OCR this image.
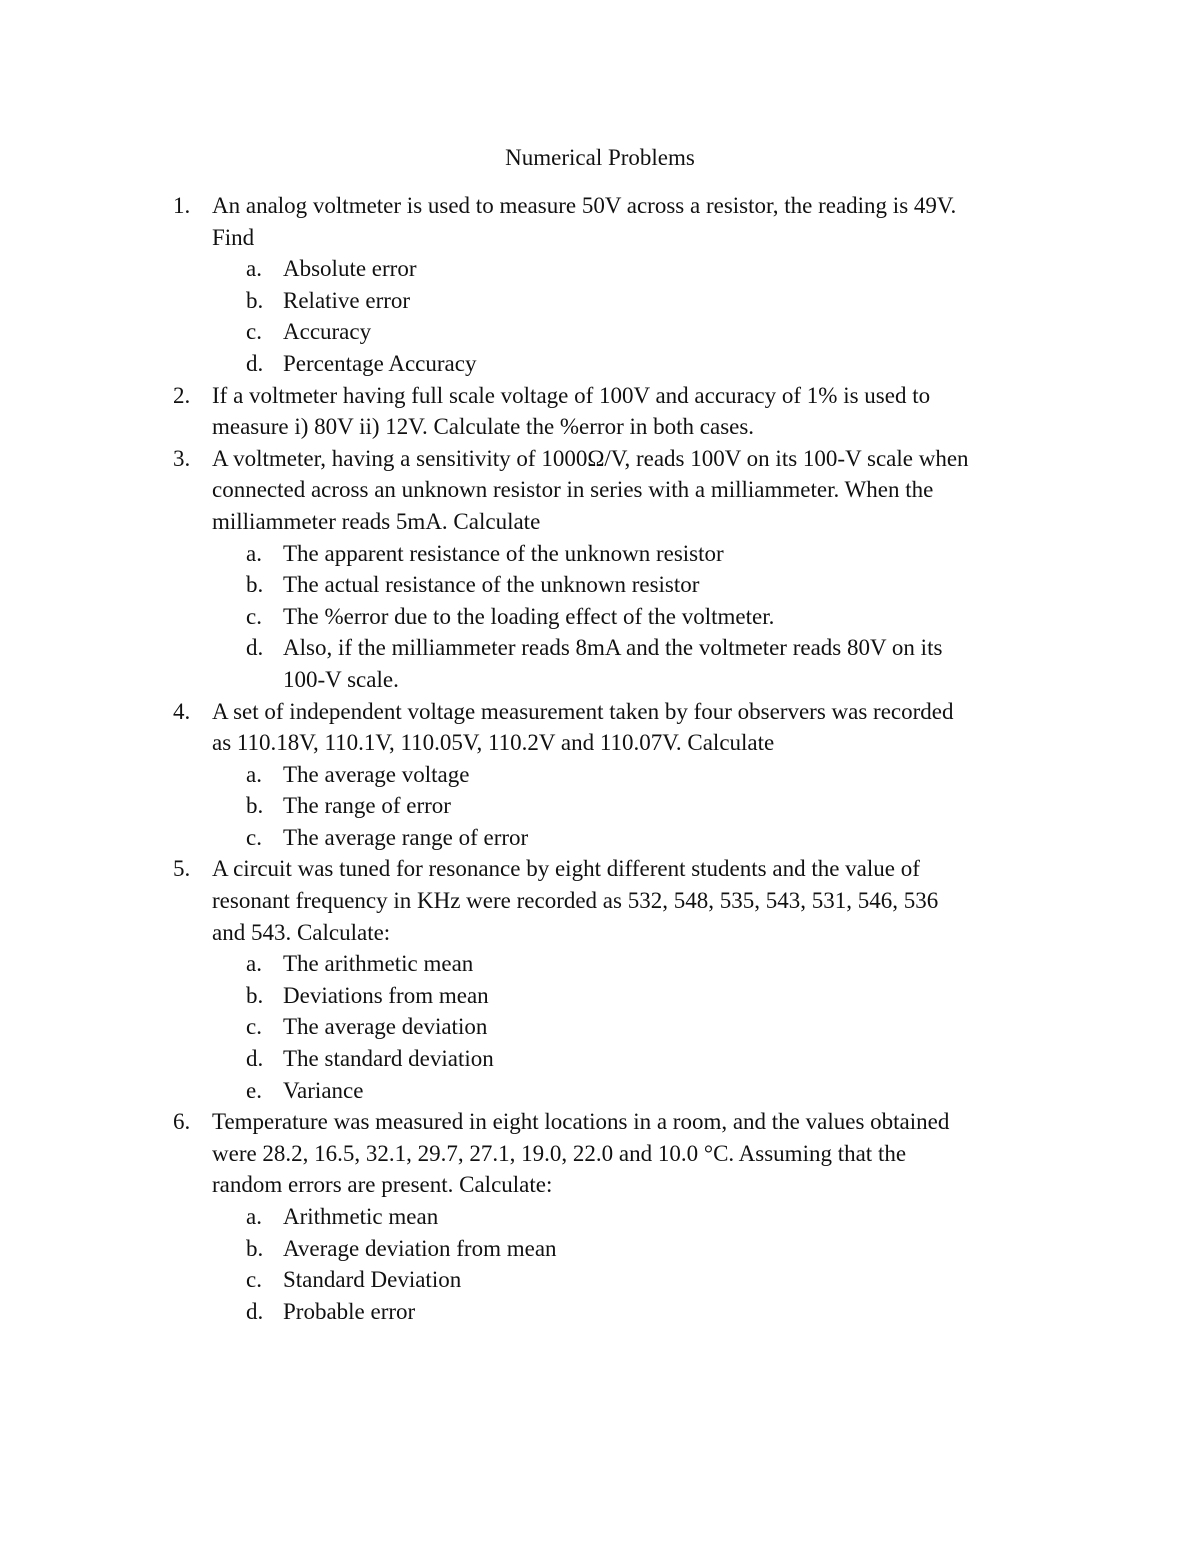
Numerical Problems
1. An analog voltmeter is used to measure 50V across a resistor, the reading is 49V.
Find
a. Absolute error
b. Relative error
c. Accuracy
d. Percentage Accuracy
2. If a voltmeter having full scale voltage of 100V and accuracy of 1% is used to
measure i) 80V ii) 12V. Calculate the %error in both cases.
3. A voltmeter, having a sensitivity of 1000Ω/V, reads 100V on its 100-V scale when
connected across an unknown resistor in series with a milliammeter. When the
milliammeter reads 5mA. Calculate
a. The apparent resistance of the unknown resistor
b. The actual resistance of the unknown resistor
c. The %error due to the loading effect of the voltmeter.
d. Also, if the milliammeter reads 8mA and the voltmeter reads 80V on its
100-V scale.
4. A set of independent voltage measurement taken by four observers was recorded
as 110.18V, 110.1V, 110.05V, 110.2V and 110.07V. Calculate
a. The average voltage
b. The range of error
c. The average range of error
5. A circuit was tuned for resonance by eight different students and the value of
resonant frequency in KHz were recorded as 532, 548, 535, 543, 531, 546, 536
and 543. Calculate:
a. The arithmetic mean
b. Deviations from mean
c. The average deviation
d. The standard deviation
e. Variance
6. Temperature was measured in eight locations in a room, and the values obtained
were 28.2, 16.5, 32.1, 29.7, 27.1, 19.0, 22.0 and 10.0 °C. Assuming that the
random errors are present. Calculate:
a. Arithmetic mean
b. Average deviation from mean
c. Standard Deviation
d. Probable error
